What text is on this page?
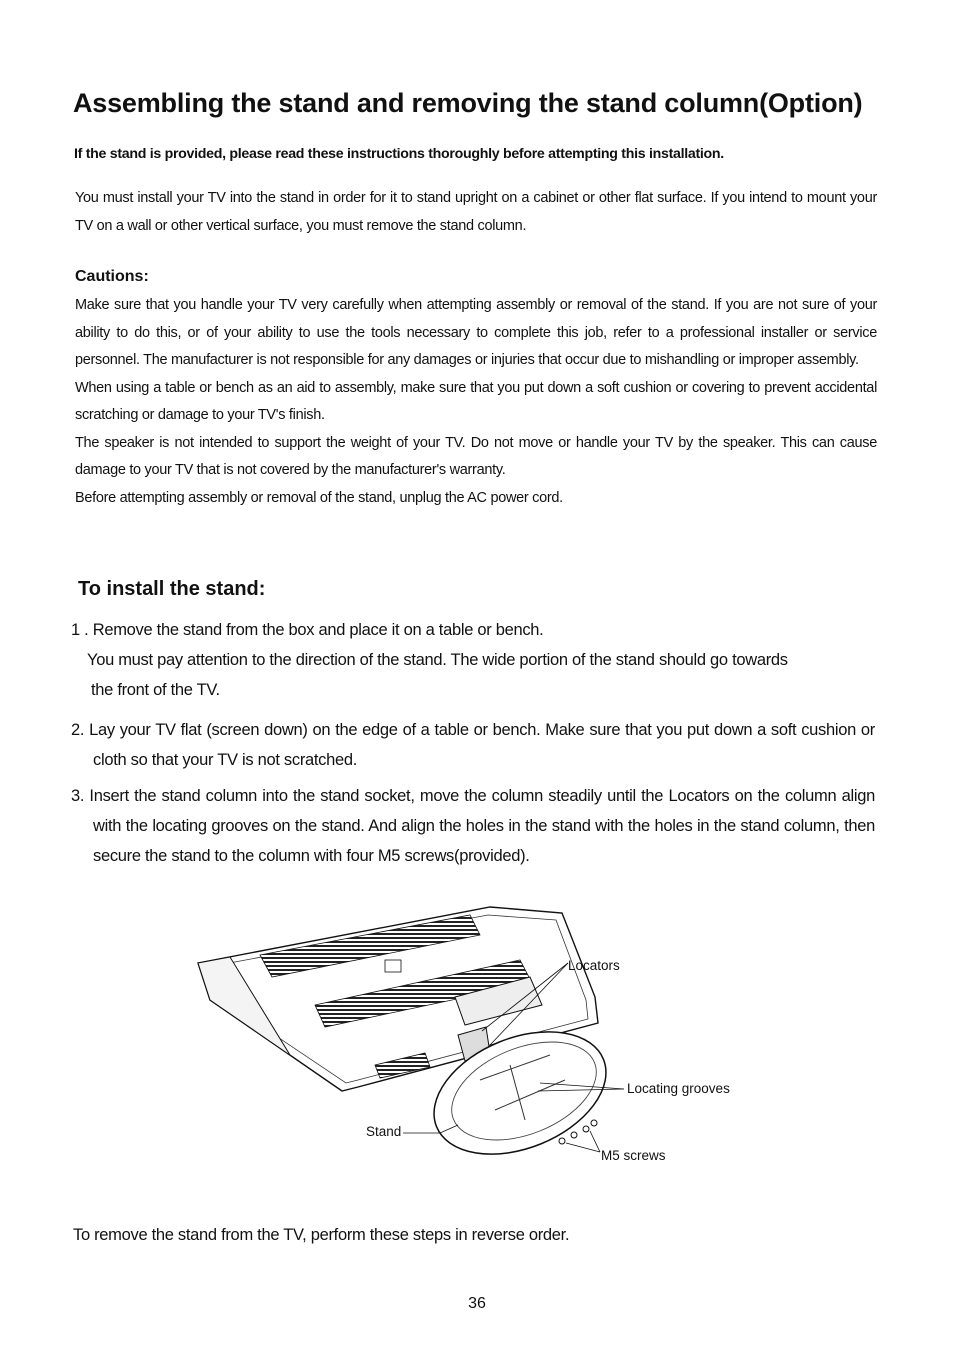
Assembling the stand and removing the stand column(Option)
If the stand is provided, please read these instructions thoroughly before attempting this installation.

You must install your TV into the stand in order for it to stand upright on a cabinet or other flat surface. If you intend to mount your TV on a wall or other vertical surface, you must remove the stand column.

Cautions:

Make sure that you handle your TV very carefully when attempting assembly or removal of the stand. If you are not sure of your ability to do this, or of your ability to use the tools necessary to complete this job, refer to a professional installer or service personnel. The manufacturer is not responsible for any damages or injuries that occur due to mishandling or improper assembly.

When using a table or bench as an aid to assembly, make sure that you put down a soft cushion or covering to prevent accidental scratching or damage to your TV's finish.

The speaker is not intended to support the weight of your TV. Do not move or handle your TV by the speaker. This can cause damage to your TV that is not covered by the manufacturer's warranty.

Before attempting assembly or removal of the stand, unplug the AC power cord.

To install the stand:

1 . Remove the stand from the box and place it on a table or bench.

You must pay attention to the direction of the stand. The wide portion of the stand should go towards

the front of the TV.

2. Lay your TV flat (screen down) on the edge of a table or bench. Make sure that you put down a soft cushion or cloth so that your TV is not scratched.

3. Insert the stand column into the stand socket, move the column steadily until the Locators on the column align with the locating grooves on the stand. And align the holes in the stand with the holes in the stand column, then secure the stand to the column with four M5 screws(provided).

Locators
Locating grooves
Stand
M5 screws
To remove the stand from the TV, perform these steps in reverse order.
36
